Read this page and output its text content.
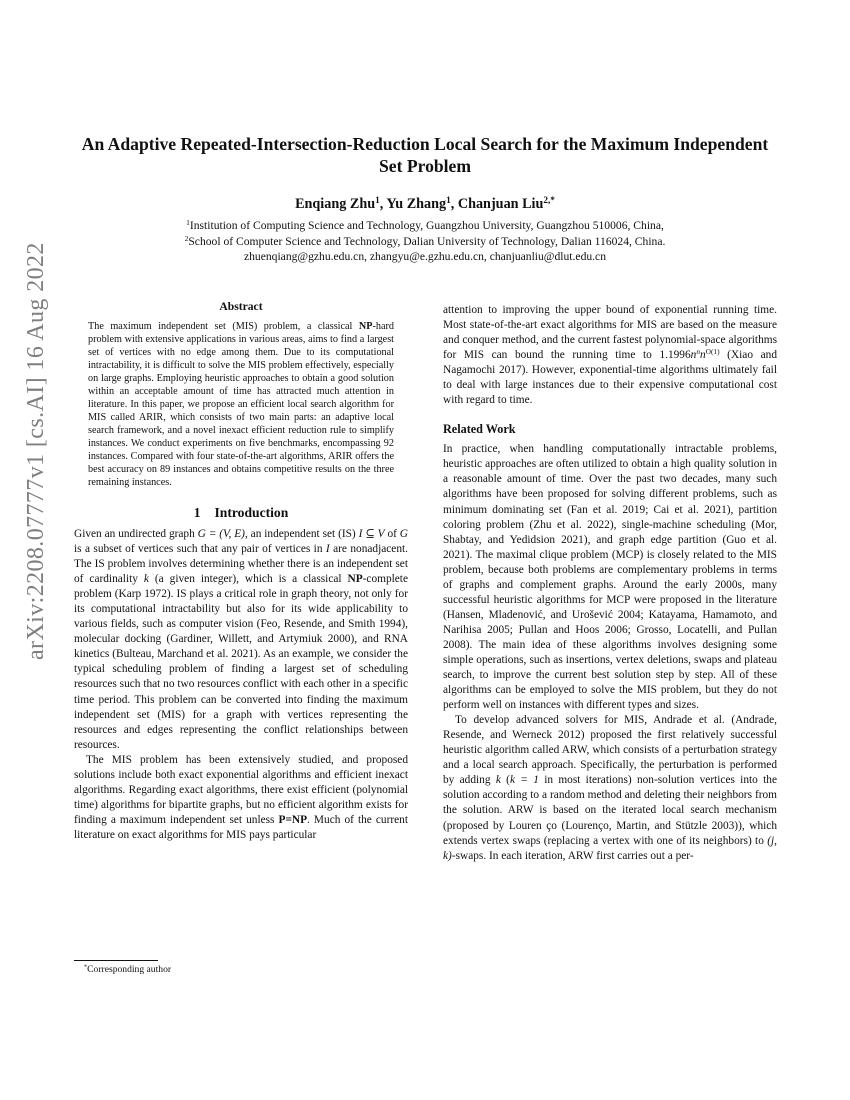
arXiv:2208.07777v1 [cs.AI] 16 Aug 2022
An Adaptive Repeated-Intersection-Reduction Local Search for the Maximum Independent Set Problem
Enqiang Zhu$^1$, Yu Zhang$^1$, Chanjuan Liu$^{2,*}$
$^1$Institution of Computing Science and Technology, Guangzhou University, Guangzhou 510006, China,
$^2$School of Computer Science and Technology, Dalian University of Technology, Dalian 116024, China.
zhuenqiang@gzhu.edu.cn, zhangyu@e.gzhu.edu.cn, chanjuanliu@dlut.edu.cn
Abstract

The maximum independent set (MIS) problem, a classical NP-hard problem with extensive applications in various areas, aims to find a largest set of vertices with no edge among them. Due to its computational intractability, it is difficult to solve the MIS problem effectively, especially on large graphs. Employing heuristic approaches to obtain a good solution within an acceptable amount of time has attracted much attention in literature. In this paper, we propose an efficient local search algorithm for MIS called ARIR, which consists of two main parts: an adaptive local search framework, and a novel inexact efficient reduction rule to simplify instances. We conduct experiments on five benchmarks, encompassing 92 instances. Compared with four state-of-the-art algorithms, ARIR offers the best accuracy on 89 instances and obtains competitive results on the three remaining instances.

1 Introduction

Given an undirected graph G = (V, E), an independent set (IS) I ⊆ V of G is a subset of vertices such that any pair of vertices in I are nonadjacent. The IS problem involves determining whether there is an independent set of cardinality k (a given integer), which is a classical NP-complete problem (Karp 1972). IS plays a critical role in graph theory, not only for its computational intractability but also for its wide applicability to various fields, such as computer vision (Feo, Resende, and Smith 1994), molecular docking (Gardiner, Willett, and Artymiuk 2000), and RNA kinetics (Bulteau, Marchand et al. 2021). As an example, we consider the typical scheduling problem of finding a largest set of scheduling resources such that no two resources conflict with each other in a specific time period. This problem can be converted into finding the maximum independent set (MIS) for a graph with vertices representing the resources and edges representing the conflict relationships between resources.

The MIS problem has been extensively studied, and proposed solutions include both exact exponential algorithms and efficient inexact algorithms. Regarding exact algorithms, there exist efficient (polynomial time) algorithms for bipartite graphs, but no efficient algorithm exists for finding a maximum independent set unless P=NP. Much of the current literature on exact algorithms for MIS pays particular

attention to improving the upper bound of exponential running time. Most state-of-the-art exact algorithms for MIS are based on the measure and conquer method, and the current fastest polynomial-space algorithms for MIS can bound the running time to $1.1996n^nn^{O(1)}$ (Xiao and Nagamochi 2017). However, exponential-time algorithms ultimately fail to deal with large instances due to their expensive computational cost with regard to time.

Related Work

In practice, when handling computationally intractable problems, heuristic approaches are often utilized to obtain a high quality solution in a reasonable amount of time. Over the past two decades, many such algorithms have been proposed for solving different problems, such as minimum dominating set (Fan et al. 2019; Cai et al. 2021), partition coloring problem (Zhu et al. 2022), single-machine scheduling (Mor, Shabtay, and Yedidsion 2021), and graph edge partition (Guo et al. 2021). The maximal clique problem (MCP) is closely related to the MIS problem, because both problems are complementary problems in terms of graphs and complement graphs. Around the early 2000s, many successful heuristic algorithms for MCP were proposed in the literature (Hansen, Mladenović, and Urošević 2004; Katayama, Hamamoto, and Narihisa 2005; Pullan and Hoos 2006; Grosso, Locatelli, and Pullan 2008). The main idea of these algorithms involves designing some simple operations, such as insertions, vertex deletions, swaps and plateau search, to improve the current best solution step by step. All of these algorithms can be employed to solve the MIS problem, but they do not perform well on instances with different types and sizes.

To develop advanced solvers for MIS, Andrade et al. (Andrade, Resende, and Werneck 2012) proposed the first relatively successful heuristic algorithm called ARW, which consists of a perturbation strategy and a local search approach. Specifically, the perturbation is performed by adding k (k = 1 in most iterations) non-solution vertices into the solution according to a random method and deleting their neighbors from the solution. ARW is based on the iterated local search mechanism (proposed by Louren ço (Lourenço, Martin, and Stützle 2003)), which extends vertex swaps (replacing a vertex with one of its neighbors) to (j, k)-swaps. In each iteration, ARW first carries out a per-

*Corresponding author
